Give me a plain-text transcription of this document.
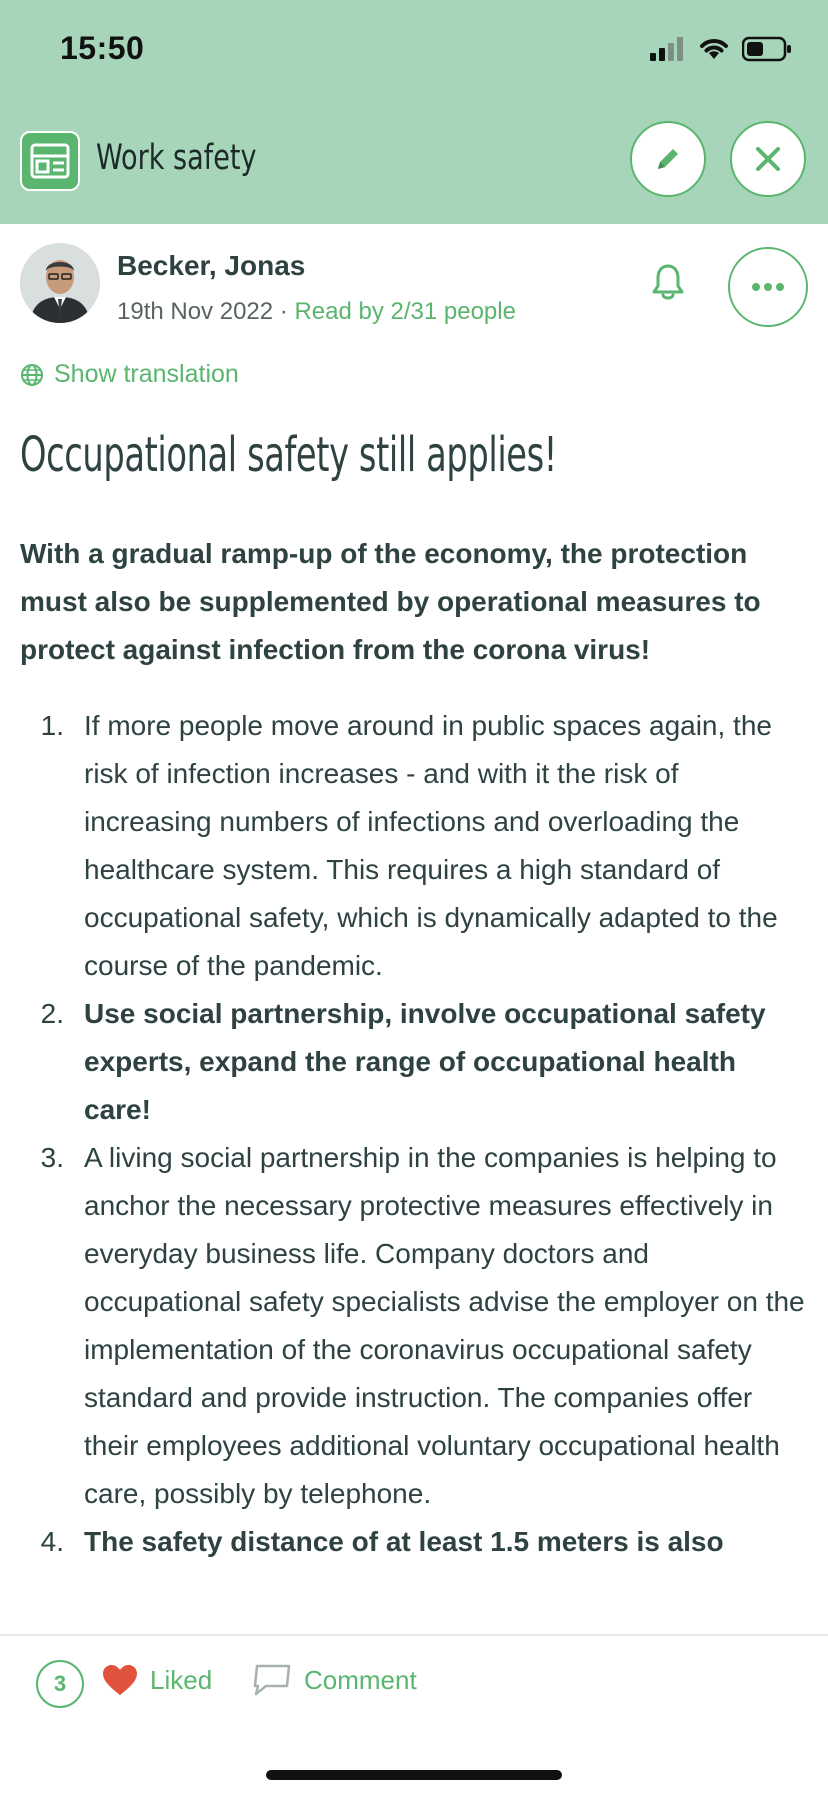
15:50
Work safety
Becker, Jonas
19th Nov 2022 · Read by 2/31 people
Show translation
Occupational safety still applies!
With a gradual ramp-up of the economy, the protection must also be supplemented by operational measures to protect against infection from the corona virus!
1. If more people move around in public spaces again, the risk of infection increases - and with it the risk of increasing numbers of infections and overloading the healthcare system. This requires a high standard of occupational safety, which is dynamically adapted to the course of the pandemic.
2. Use social partnership, involve occupational safety experts, expand the range of occupational health care!
3. A living social partnership in the companies is helping to anchor the necessary protective measures effectively in everyday business life. Company doctors and occupational safety specialists advise the employer on the implementation of the coronavirus occupational safety standard and provide instruction. The companies offer their employees additional voluntary occupational health care, possibly by telephone.
4. The safety distance of at least 1.5 meters is also
3	Liked	Comment
